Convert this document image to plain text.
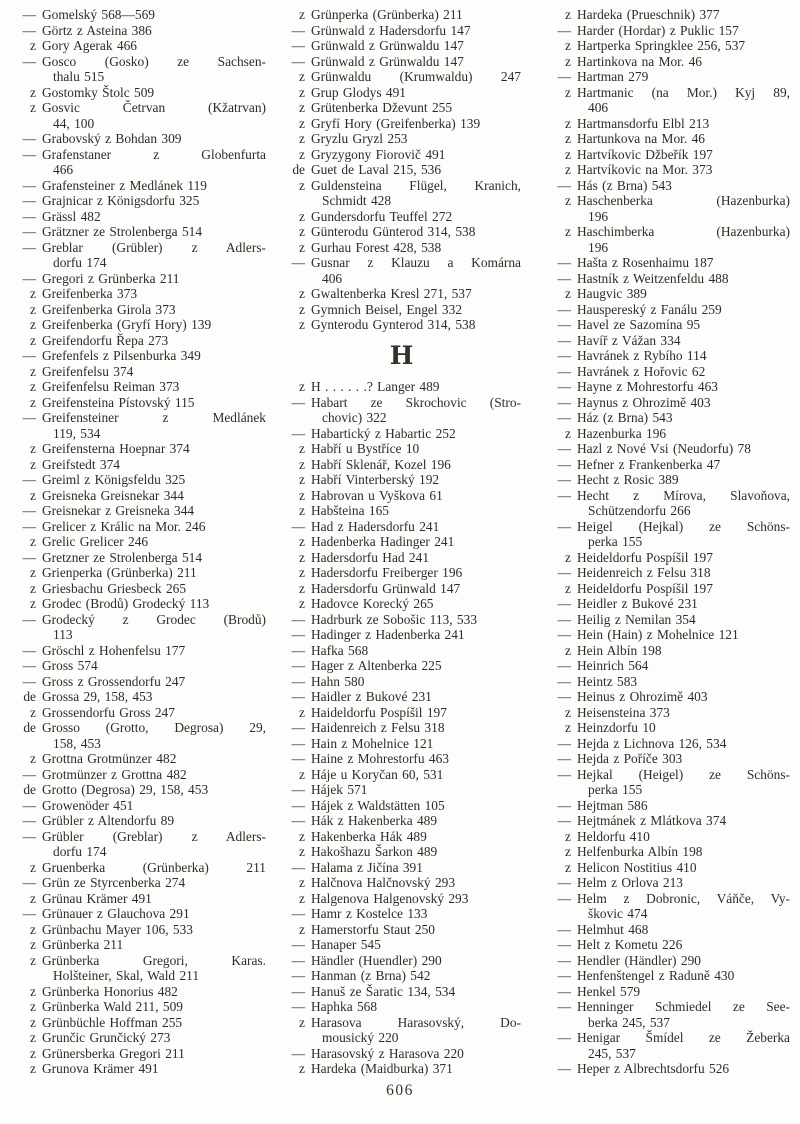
— Gomelský 568—569
— Görtz z Asteina 386
z Gory Agerak 466
— Gosco (Gosko) ze Sachsen-
thalu 515
z Gostomky Štolc 509
z Gosvic Četrvan (Kžatrvan)
44, 100
— Grabovský z Bohdan 309
— Grafenstaner z Globenfurta
466
— Grafensteiner z Medlánek 119
— Grajnicar z Königsdorfu 325
— Grässl 482
— Grätzner ze Strolenberga 514
— Greblar (Grübler) z Adlers-
dorfu 174
— Gregori z Grünberka 211
z Greifenberka 373
z Greifenberka Girola 373
z Greifenberka (Gryfí Hory) 139
z Greifendorfu Řepa 273
— Grefenfels z Pilsenburka 349
z Greifenfelsu 374
z Greifenfelsu Reiman 373
z Greifensteina Pístovský 115
— Greifensteiner z Medlánek
119, 534
z Greifensterna Hoepnar 374
z Greifstedt 374
— Greiml z Königsfeldu 325
z Greisneka Greisnekar 344
— Greisnekar z Greisneka 344
— Grelicer z Králic na Mor. 246
z Grelic Grelicer 246
— Gretzner ze Strolenberga 514
z Grienperka (Grünberka) 211
z Griesbachu Griesbeck 265
z Grodec (Brodů) Grodecký 113
— Grodecký z Grodec (Brodů)
113
— Gröschl z Hohenfelsu 177
— Gross 574
— Gross z Grossendorfu 247
de Grossa 29, 158, 453
z Grossendorfu Gross 247
de Grosso (Grotto, Degrosa) 29,
158, 453
z Grottna Grotmünzer 482
— Grotmünzer z Grottna 482
de Grotto (Degrosa) 29, 158, 453
— Growenöder 451
— Grübler z Altendorfu 89
— Grübler (Greblar) z Adlers-
dorfu 174
z Gruenberka (Grünberka) 211
— Grün ze Styrcenberka 274
z Grünau Krämer 491
— Grünauer z Glauchova 291
z Grünbachu Mayer 106, 533
z Grünberka 211
z Grünberka Gregori, Karas.
Holšteiner, Skal, Wald 211
z Grünberka Honorius 482
z Grünberka Wald 211, 509
z Grünbüchle Hoffman 255
z Grunčic Grunčický 273
z Grünersberka Gregori 211
z Grunova Krämer 491
z Grünperka (Grünberka) 211
— Grünwald z Hadersdorfu 147
— Grünwald z Grünwaldu 147
— Grünwald z Grünwaldu 147
z Grünwaldu (Krumwaldu) 247
z Grup Glodys 491
z Grütenberka Dževunt 255
z Gryfí Hory (Greifenberka) 139
z Gryzlu Gryzl 253
z Gryzygony Fiorovič 491
de Guet de Laval 215, 536
z Guldensteina Flügel, Kranich,
Schmidt 428
z Gundersdorfu Teuffel 272
z Günterodu Günterod 314, 538
z Gurhau Forest 428, 538
— Gusnar z Klauzu a Komárna
406
z Gwaltenberka Kresl 271, 537
z Gymnich Beisel, Engel 332
z Gynterodu Gynterod 314, 538
H
z H . . . . . .? Langer 489
— Habart ze Skrochovic (Stro-
chovic) 322
— Habartický z Habartic 252
z Habří u Bystříce 10
z Habří Sklenář, Kozel 196
z Habří Vinterberský 192
z Habrovan u Vyškova 61
z Habšteina 165
— Had z Hadersdorfu 241
z Hadenberka Hadinger 241
z Hadersdorfu Had 241
z Hadersdorfu Freiberger 196
z Hadersdorfu Grünwald 147
z Hadovce Korecký 265
— Hadrburk ze Sobošic 113, 533
— Hadinger z Hadenberka 241
— Hafka 568
— Hager z Altenberka 225
— Hahn 580
— Haidler z Bukové 231
z Haideldorfu Pospíšil 197
— Haidenreich z Felsu 318
— Hain z Mohelnice 121
— Haine z Mohrestorfu 463
z Háje u Koryčan 60, 531
— Hájek 571
— Hájek z Waldstätten 105
— Hák z Hakenberka 489
z Hakenberka Hák 489
z Hakošhazu Šarkon 489
— Halama z Jičína 391
z Halčnova Halčnovský 293
z Halgenova Halgenovský 293
— Hamr z Kostelce 133
z Hamerstorfu Staut 250
— Hanaper 545
— Händler (Huendler) 290
— Hanman (z Brna) 542
— Hanuš ze Šaratic 134, 534
— Haphka 568
z Harasova Harasovský, Do-
mousický 220
— Harasovský z Harasova 220
z Hardeka (Maidburka) 371
z Hardeka (Prueschnik) 377
— Harder (Hordar) z Puklic 157
z Hartperka Springklee 256, 537
z Hartinkova na Mor. 46
— Hartman 279
z Hartmanic (na Mor.) Kyj 89,
406
z Hartmansdorfu Elbl 213
z Hartunkova na Mor. 46
z Hartvíkovic Džbeřík 197
z Hartvíkovic na Mor. 373
— Hás (z Brna) 543
z Haschenberka (Hazenburka)
196
z Haschimberka (Hazenburka)
196
— Hašta z Rosenhaimu 187
— Hastník z Weitzenfeldu 488
z Haugvic 389
— Hauspereský z Fanálu 259
— Havel ze Sazomína 95
— Havíř z Vážan 334
— Havránek z Rybího 114
— Havránek z Hořovic 62
— Hayne z Mohrestorfu 463
— Haynus z Ohrozimě 403
— Ház (z Brna) 543
z Hazenburka 196
— Hazl z Nové Vsi (Neudorfu) 78
— Hefner z Frankenberka 47
— Hecht z Rosic 389
— Hecht z Mírova, Slavoňova,
Schützendorfu 266
— Heigel (Hejkal) ze Schöns-
perka 155
z Heideldorfu Pospíšil 197
— Heidenreich z Felsu 318
z Heideldorfu Pospíšil 197
— Heidler z Bukové 231
— Heilig z Nemilan 354
— Hein (Hain) z Mohelnice 121
z Hein Albín 198
— Heinrich 564
— Heintz 583
— Heinus z Ohrozimě 403
z Heisensteina 373
z Heinzdorfu 10
— Hejda z Lichnova 126, 534
— Hejda z Poříče 303
— Hejkal (Heigel) ze Schöns-
perka 155
— Hejtman 586
— Hejtmánek z Mlátkova 374
z Heldorfu 410
z Helfenburka Albín 198
z Helicon Nostitius 410
— Helm z Orlova 213
— Helm z Dobronic, Váňče, Vy-
škovic 474
— Helmhut 468
— Helt z Kometu 226
— Hendler (Händler) 290
— Henfenštengel z Raduně 430
— Henkel 579
— Henninger Schmiedel ze See-
berka 245, 537
— Henigar Šmídel ze Žeberka
245, 537
— Heper z Albrechtsdorfu 526
606
